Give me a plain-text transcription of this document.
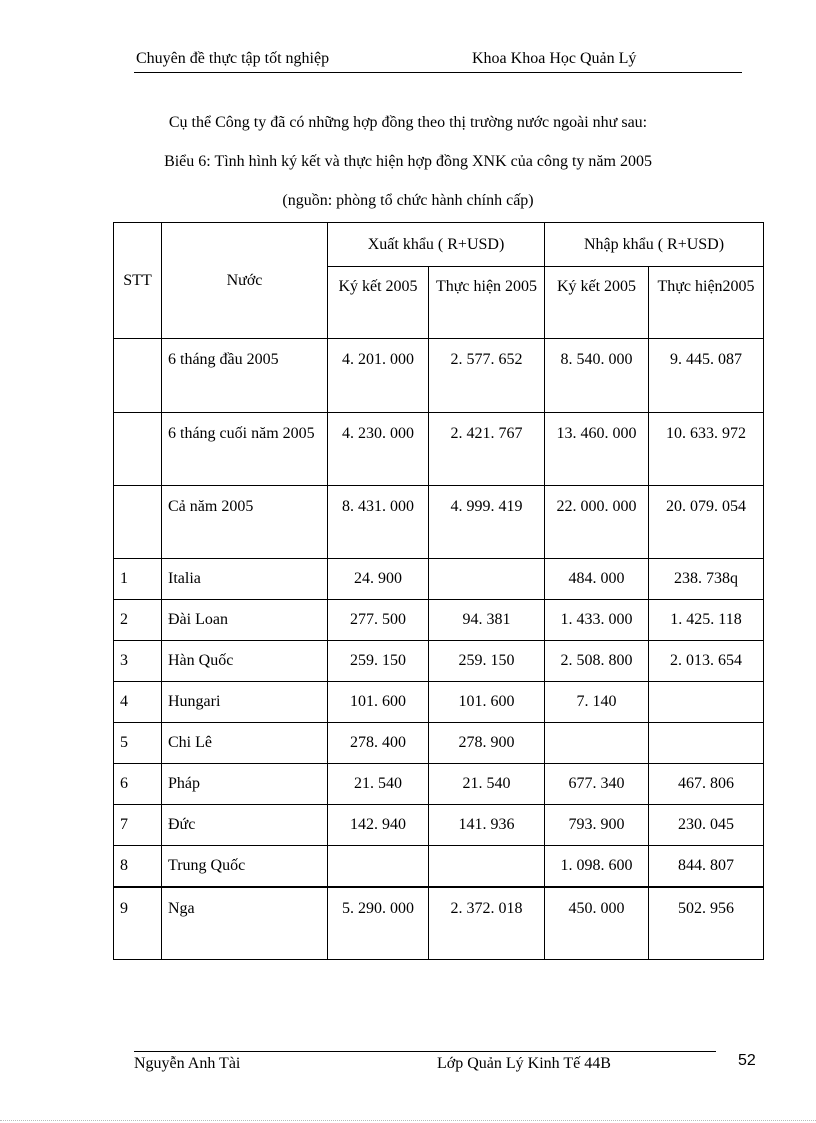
Chuyên đề thực tập tốt nghiệp	Khoa Khoa Học Quản Lý
Cụ thể Công ty đã có những hợp đồng theo thị trường nước ngoài như sau:
Biểu 6: Tình hình ký kết và thực hiện hợp đồng XNK của công ty năm 2005
(nguồn: phòng tổ chức hành chính cấp)
STT	Nước	Xuất khẩu ( R+USD)		Nhập khẩu ( R+USD)	
		Ký kết 2005	Thực hiện 2005	Ký kết 2005	Thực hiện2005
	6 tháng đầu 2005	4. 201. 000	2. 577. 652	8. 540. 000	9. 445. 087
	6 tháng cuối năm 2005	4. 230. 000	2. 421. 767	13. 460. 000	10. 633. 972
	Cả năm 2005	8. 431. 000	4. 999. 419	22. 000. 000	20. 079. 054
1	Italia	24. 900		484. 000	238. 738q
2	Đài Loan	277. 500	94. 381	1. 433. 000	1. 425. 118
3	Hàn Quốc	259. 150	259. 150	2. 508. 800	2. 013. 654
4	Hungari	101. 600	101. 600	7. 140	
5	Chi Lê	278. 400	278. 900		
6	Pháp	21. 540	21. 540	677. 340	467. 806
7	Đức	142. 940	141. 936	793. 900	230. 045
8	Trung Quốc			1. 098. 600	844. 807
9	Nga	5. 290. 000	2. 372. 018	450. 000	502. 956
Nguyễn Anh Tài	Lớp Quản Lý Kinh Tế 44B	52
